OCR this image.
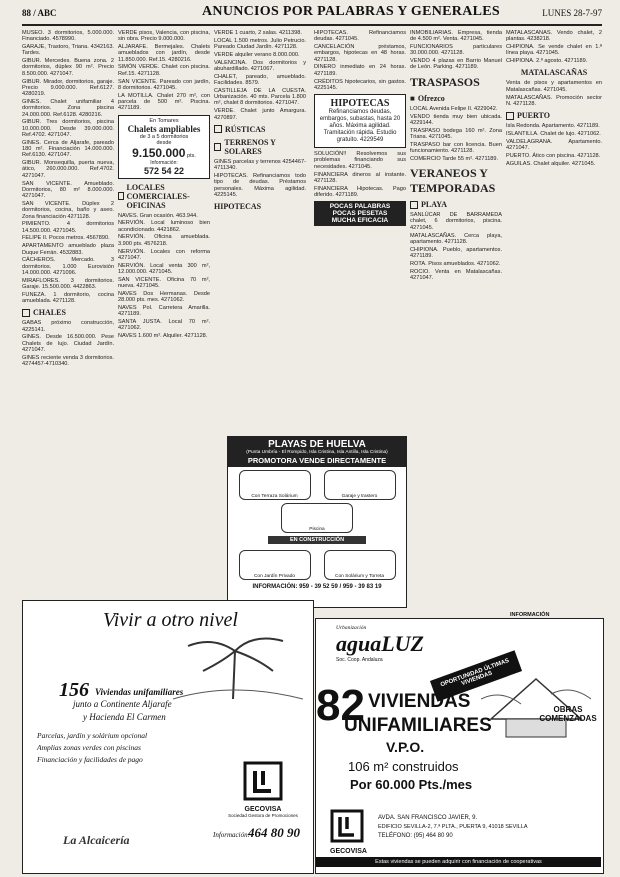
88 / ABC	ANUNCIOS POR PALABRAS Y GENERALES	LUNES 28-7-97

MUSEO. 3 dormitorios, 5.000.000. Financiado. 4578990.

GARAJE, Trastoro, Triana. 4342163. Tardes.

GIBUR. Mercedes. Buena zona. 2 dormitorios, dúplex 90 m². Precio 8.500.000. 4271047.

GIBUR. Mirador, dormitorios, garaje. Precio 9.000.000. Ref.6127. 4280219.

GINES. Chalet unifamiliar 4 dormitorios. Zona piscina 24.000.000. Ref.6128. 4280216.

GIBUR. Tres dormitorios, piscina 10.000.000. Desde 39.000.000. Ref.4702. 4271047.

GINES. Cerca de Aljarafe, pareado 180 m². Financiación 14.000.000. Ref.6130. 4271047.

GIBUR. Monsequilla, puerta nueva, ático, 260.000.000. Ref.4702. 4271047.

SAN VICENTE. Amueblado. Dormitorios, 80 m² 8.000.000. 4271047.

SAN VICENTE. Dúplex 2 dormitorios, cocina, baño y aseo. Zona financiación 4271128.

PIMIENTO. 4 dormitorios 14.500.000. 4271045.

FELIPE II. Pocos metros. 4567890.

APARTAMENTO amueblado plaza Duque Ferrán. 4532883.

CÁCHEROS. Mercado. 3 dormitorios. 1.000 Eurovisión 14.000.000. 4271096.

MIRAFLORES. 3 dormitorios. Garaje. 15.500.000. 4422863.

FUNEZA. 1 dormitorio, cocina amueblada. 4271128.

CHALES

GABAS próximo construcción, 4225141.

GINES. Desde 16.500.000. Pese Chalets de lujo. Ciudad Jardín. 4271047.

GINES reciente venda 3 dormitorios. 4274457-4710340.

VERDE pisos, Valencia, con piscina, sin obra. Precio 9.000.000.

ALJARAFE. Bermejales. Chalets amueblados con jardín, desde 11.850.000. Ref.15. 4280216.

SIMÓN VERDE. Chalet con piscina. Ref.15. 4271128.

SAN VICENTE. Pareado con jardín, 8 dormitorios. 4271045.

LA MOTILLA. Chalet 270 m², con parcela de 500 m². Piscina. 4271189.

En Tomares
Chalets ampliables
de 3 a 5 dormitorios
desde
9.150.000 pts.
Información:
572 54 22
LOCALES COMERCIALES-OFICINAS

NAVES. Gran ocasión. 463.944.

NERVIÓN. Local luminoso bien acondicionado. 4421862.

NERVIÓN. Oficina amueblada. 3.900 pts. 4576218.

NERVIÓN. Locales con reforma 4271047.

NERVIÓN. Local venta 300 m², 12.000.000. 4271045.

SAN VICENTE. Oficina 70 m², nueva. 4271045.

NAVES Dos Hermanas. Desde 28.000 pts. mes. 4271062.

NAVES Pol. Carretera Amarilla. 4271189.

SANTA JUSTA. Local 70 m². 4271062.

NAVES 1.600 m². Alquiler. 4271128.

VERDE 1 cuarto, 2 salas. 4211398.

LOCAL 1.500 metros. Julio Petrucio. Pareado Ciudad Jardín. 4271128.

VERDE alquiler verano 8.000.000.

VALENCINA. Dos dormitorios y abuhardillado. 4271067.

CHALET, pareado, amueblado. Facilidades. 8579.

CASTILLEJA DE LA CUESTA. Urbanización. 40 mts. Parcela 1.800 m², chalet 8 dormitorios. 4271047.

VERDE. Chalet junto Amargura. 4270897.

RÚSTICAS
TERRENOS Y SOLARES

GINES parcelas y terrenos 4254467-4711340.

HIPOTECAS. Refinanciamos todo tipo de deudas. Préstamos personales. Máxima agilidad. 4225145.

HIPOTECAS

HIPOTECAS. Refinanciamos deudas. 4271045.

CANCELACIÓN préstamos, embargos, hipotecas en 48 horas. 4271128.

DINERO inmediato en 24 horas. 4271189.

CRÉDITOS hipotecarios, sin gastos. 4225145.

HIPOTECAS
Refinanciamos deudas, embargos, subastas, hasta 20 años. Máxima agilidad. Tramitación rápida. Estudio gratuito. 4229549

SOLUCIÓN!! Resolvemos sus problemas financiando sus necesidades. 4271045.

FINANCIERA dineros al instante. 4271128.

FINANCIERA Hipotecas. Pago diferido. 4271189.

POCAS PALABRAS
POCAS PESETAS
MUCHA EFICACIA

INMOBILIARIAS. Empresa, tienda de 4.500 m². Venta. 4271045.

FUNCIONARIOS particulares 30.000.000. 4271128.

VENDO 4 plazas en Barrio Manuel de León. Parking. 4271189.

TRASPASOS
■ Ofrezco

LOCAL Avenida Felipe II. 4229042.

VENDO tienda muy bien ubicada. 4229144.

TRASPASO bodega 160 m². Zona Triana. 4271045.

TRASPASO bar con licencia. Buen funcionamiento. 4271128.

COMERCIO Tarde 55 m². 4271189.

VERANEOS Y TEMPORADAS
PLAYA

SANLÚCAR DE BARRAMEDA chalet, 6 dormitorios, piscina. 4271045.

MATALASCAÑAS. Cerca playa, apartamento. 4271128.

CHIPIONA. Pueblo, apartamentos. 4271189.

ROTA. Pisos amueblados. 4271062.

ROCIO. Venta en Matalascañas. 4271047.

MATALASCAÑAS. Vendo chalet, 2 plantas. 4238218.

CHIPIONA. Se vende chalet en 1.ª línea playa. 4271045.

CHIPIONA. 2.º agosto. 4271189.

MATALASCAÑAS

Venta de pisos y apartamentos en Matalascañas. 4271045.

MATALASCAÑAS. Promoción sector N. 4271128.

PUERTO

Isla Redonda. Apartamento. 4271189.

ISLANTILLA. Chalet de lujo. 4271062.

VALDELAGRANA. Apartamento. 4271047.

PUERTO. Ático con piscina. 4271128.

AGUILAS. Chalet alquiler. 4271045.

PLAYAS DE HUELVA
(Punta Umbría - El Rompido, Isla Cristina, Isla Antilla, Isla Cristina)
PROMOTORA VENDE DIRECTAMENTE
Con Terraza Solárium	Garaje y trastero
Piscina
EN CONSTRUCCIÓN
Con Jardín Privado	Con Solárium y Torreta
INFORMACIÓN: 959 - 39 52 59 / 959 - 39 83 19
Vivir a otro nivel
156 Viviendas unifamiliares
junto a Continente Aljarafe
y Hacienda El Carmen
Parcelas, jardín y solárium opcional
Amplias zonas verdes con piscinas
Financiación y facilidades de pago
GECOVISA
Sociedad Gestora de Promociones
Información:
464 80 90
La Alcaicería
INFORMACIÓN
Urbanización
aguaLUZ
Soc. Coop. Andaluza	OPORTUNIDAD ÚLTIMAS VIVIENDAS
82 VIVIENDAS
UNIFAMILIARES
V.P.O.
106 m² construidos
Por 60.000 Pts./mes
OBRAS COMENZADAS
GECOVISA
AVDA. SAN FRANCISCO JAVIER, 9.
EDIFICIO SEVILLA-2, 7.ª PLTA., PUERTA 9, 41018 SEVILLA
TELÉFONO: (95) 464 80 90
Estas viviendas se pueden adquirir con financiación de cooperativas
